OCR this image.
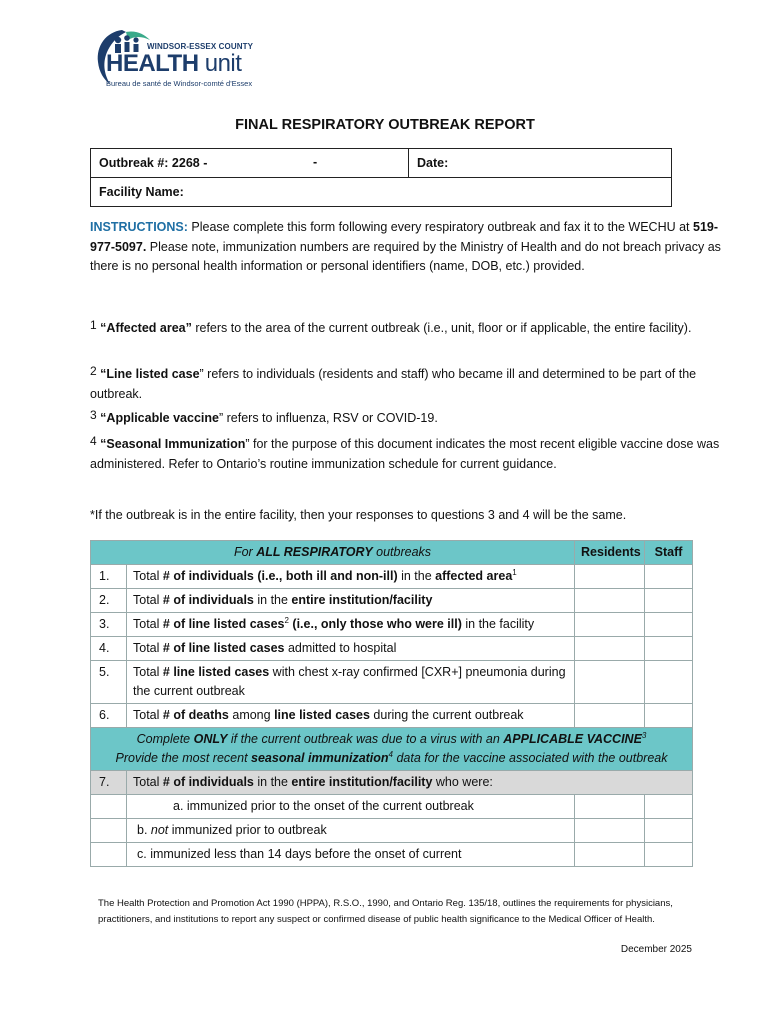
WINDSOR-ESSEX COUNTY
HEALTH unit
Bureau de santé de Windsor-comté d'Essex
FINAL RESPIRATORY OUTBREAK REPORT
Outbreak #: 2268 -	-	Date:
Facility Name:
INSTRUCTIONS: Please complete this form following every respiratory outbreak and fax it to the WECHU at 519-977-5097. Please note, immunization numbers are required by the Ministry of Health and do not breach privacy as there is no personal health information or personal identifiers (name, DOB, etc.) provided.
1 “Affected area” refers to the area of the current outbreak (i.e., unit, floor or if applicable, the entire facility).
2 “Line listed case” refers to individuals (residents and staff) who became ill and determined to be part of the outbreak.
3 “Applicable vaccine” refers to influenza, RSV or COVID-19.
4 “Seasonal Immunization” for the purpose of this document indicates the most recent eligible vaccine dose was administered. Refer to Ontario’s routine immunization schedule for current guidance.
*If the outbreak is in the entire facility, then your responses to questions 3 and 4 will be the same.
For ALL RESPIRATORY outbreaks		Residents	Staff
1.	Total # of individuals (i.e., both ill and non-ill) in the affected area$^1$		
2.	Total # of individuals in the entire institution/facility		
3.	Total # of line listed cases$^2$ (i.e., only those who were ill) in the facility		
4.	Total # of line listed cases admitted to hospital		
5.	Total # line listed cases with chest x-ray confirmed [CXR+] pneumonia during the current outbreak		
6.	Total # of deaths among line listed cases during the current outbreak		
Complete ONLY if the current outbreak was due to a virus with an APPLICABLE VACCINE$^3$
Provide the most recent seasonal immunization$^4$ data for the vaccine associated with the outbreak			
7.	Total # of individuals in the entire institution/facility who were:		
	a. immunized prior to the onset of the current outbreak		
	b. not immunized prior to outbreak		
	c. immunized less than 14 days before the onset of current		
The Health Protection and Promotion Act 1990 (HPPA), R.S.O., 1990, and Ontario Reg. 135/18, outlines the requirements for physicians, practitioners, and institutions to report any suspect or confirmed disease of public health significance to the Medical Officer of Health.
December 2025
